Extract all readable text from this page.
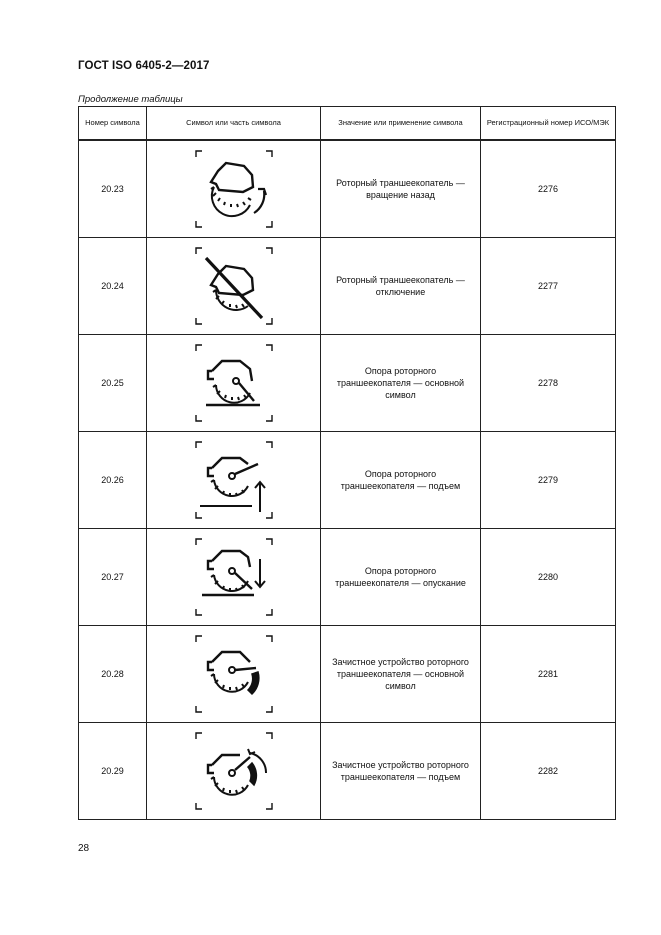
ГОСТ ISO 6405-2—2017
Продолжение таблицы
Номер символа	Символ или часть символа	Значение или применение символа	Регистрационный номер ИСО/МЭК
20.23		Роторный траншеекопатель — вращение назад	2276
20.24		Роторный траншеекопатель — отключение	2277
20.25		Опора роторного траншеекопателя — основной символ	2278
20.26		Опора роторного траншеекопателя — подъем	2279
20.27		Опора роторного траншеекопателя — опускание	2280
20.28		Зачистное устройство роторного траншеекопателя — основной символ	2281
20.29		Зачистное устройство роторного траншеекопателя — подъем	2282
28
